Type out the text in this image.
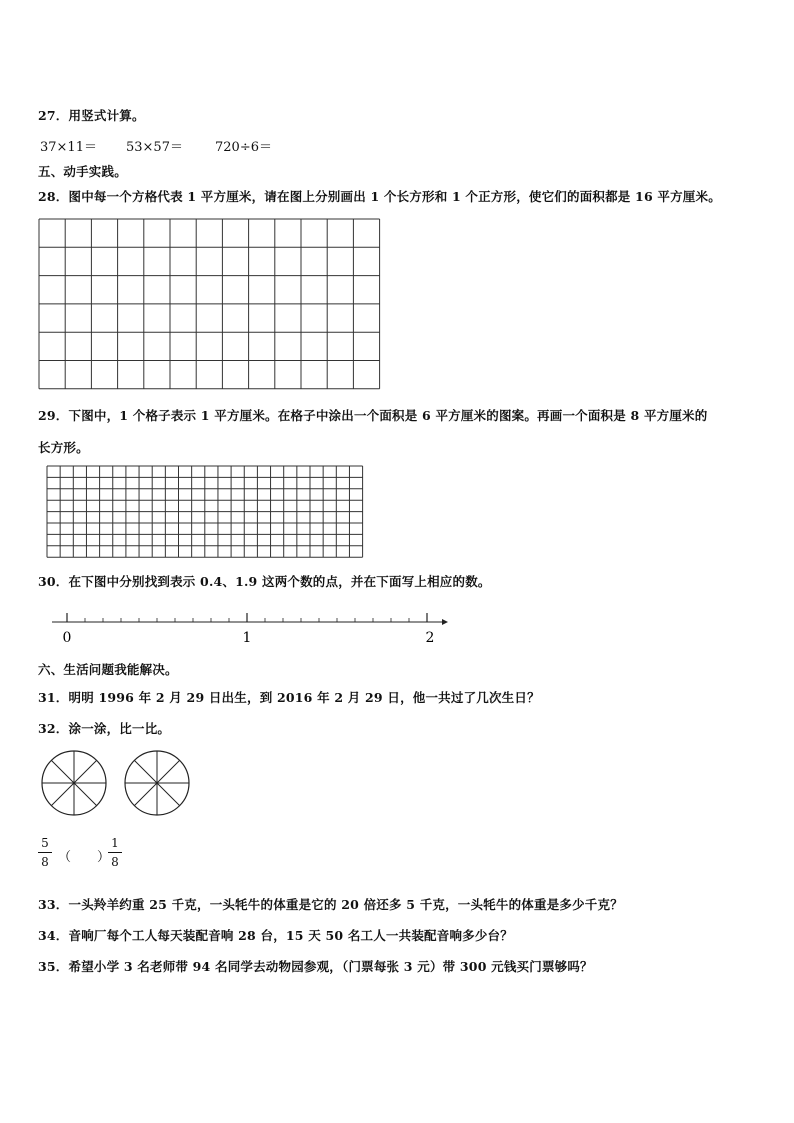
27．用竖式计算。
37×11＝ 53×57＝ 720÷6＝
五、动手实践。
28．图中每一个方格代表 1 平方厘米，请在图上分别画出 1 个长方形和 1 个正方形，使它们的面积都是 16 平方厘米。
29．下图中，1 个格子表示 1 平方厘米。在格子中涂出一个面积是 6 平方厘米的图案。再画一个面积是 8 平方厘米的
长方形。
30．在下图中分别找到表示 0.4、1.9 这两个数的点，并在下面写上相应的数。
0	1	2
六、生活问题我能解决。
31．明明 1996 年 2 月 29 日出生，到 2016 年 2 月 29 日，他一共过了几次生日？
32．涂一涂，比一比。
5
8 （　　）
1
8
33．一头羚羊约重 25 千克，一头牦牛的体重是它的 20 倍还多 5 千克，一头牦牛的体重是多少千克？
34．音响厂每个工人每天装配音响 28 台，15 天 50 名工人一共装配音响多少台？
35．希望小学 3 名老师带 94 名同学去动物园参观，（门票每张 3 元）带 300 元钱买门票够吗？
